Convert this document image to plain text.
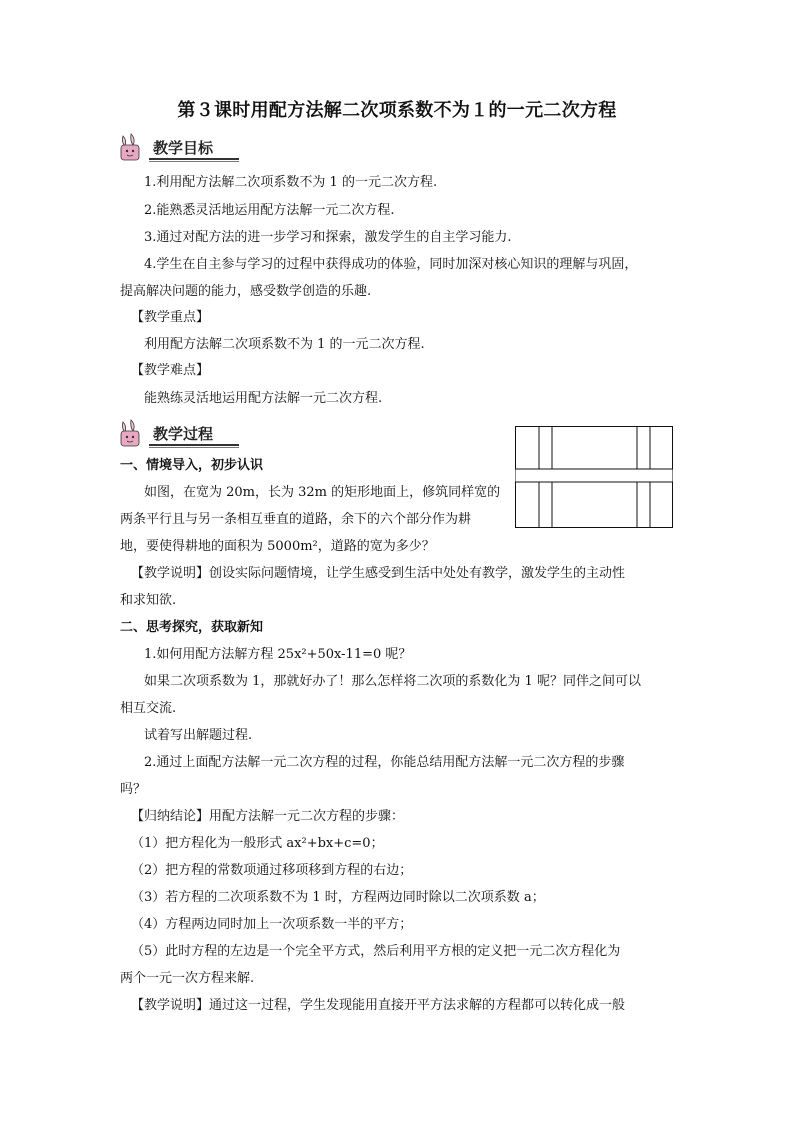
第３课时用配方法解二次项系数不为１的一元二次方程
教学目标
1.利用配方法解二次项系数不为 1 的一元二次方程.
2.能熟悉灵活地运用配方法解一元二次方程.
3.通过对配方法的进一步学习和探索，激发学生的自主学习能力.
4.学生在自主参与学习的过程中获得成功的体验，同时加深对核心知识的理解与巩固，
提高解决问题的能力，感受数学创造的乐趣.
【教学重点】
利用配方法解二次项系数不为 1 的一元二次方程.
【教学难点】
能熟练灵活地运用配方法解一元二次方程.
教学过程
一、情境导入，初步认识
如图，在宽为 20m，长为 32m 的矩形地面上，修筑同样宽的
两条平行且与另一条相互垂直的道路，余下的六个部分作为耕
地，要使得耕地的面积为 5000m²，道路的宽为多少？
【教学说明】创设实际问题情境，让学生感受到生活中处处有教学，激发学生的主动性
和求知欲.
二、思考探究，获取新知
1.如何用配方法解方程 25x²+50x-11=0 呢？
如果二次项系数为 1，那就好办了！那么怎样将二次项的系数化为 1 呢？同伴之间可以
相互交流.
试着写出解题过程.
2.通过上面配方法解一元二次方程的过程，你能总结用配方法解一元二次方程的步骤
吗？
【归纳结论】用配方法解一元二次方程的步骤：
（1）把方程化为一般形式 ax²+bx+c=0；
（2）把方程的常数项通过移项移到方程的右边；
（3）若方程的二次项系数不为 1 时，方程两边同时除以二次项系数 a；
（4）方程两边同时加上一次项系数一半的平方；
（5）此时方程的左边是一个完全平方式，然后利用平方根的定义把一元二次方程化为
两个一元一次方程来解.
【教学说明】通过这一过程，学生发现能用直接开平方法求解的方程都可以转化成一般
